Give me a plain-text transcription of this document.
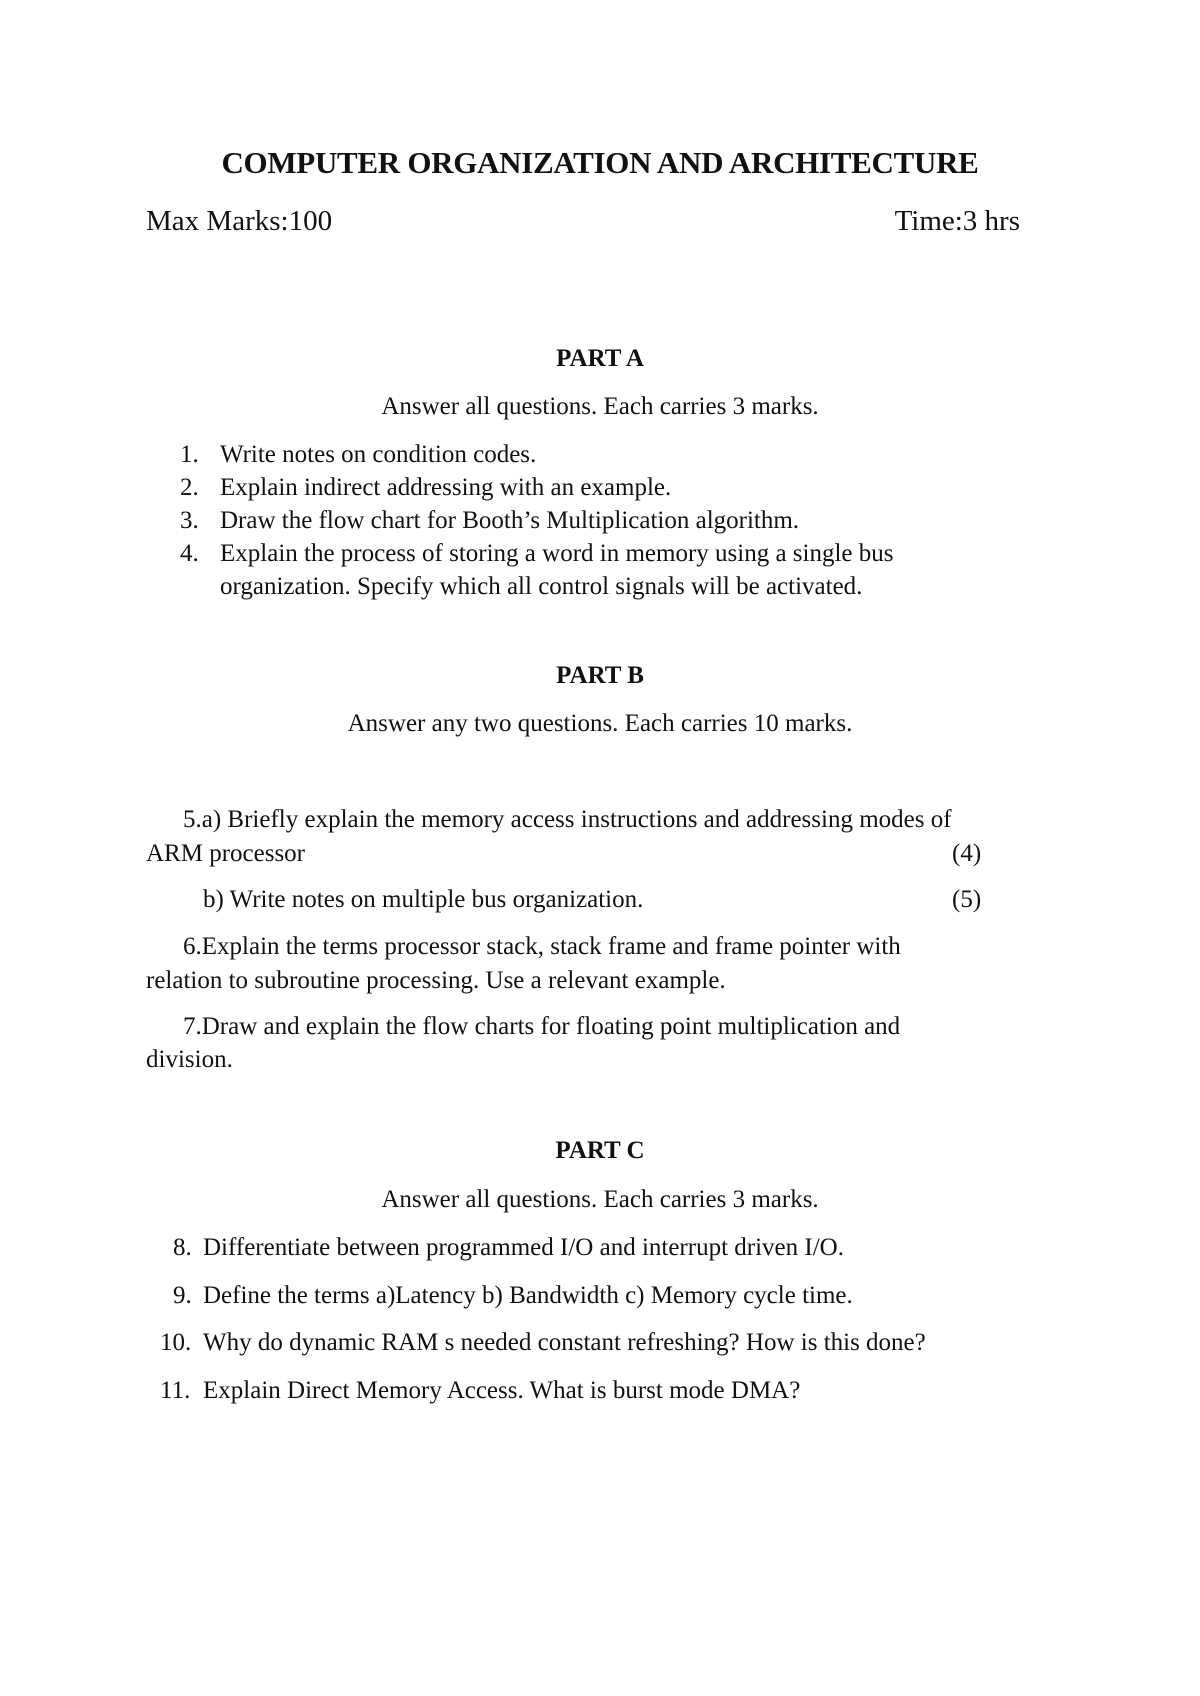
COMPUTER ORGANIZATION AND ARCHITECTURE
Max Marks:100	Time:3 hrs
PART A
Answer all questions. Each carries 3 marks.
1. Write notes on condition codes.
2. Explain indirect addressing with an example.
3. Draw the flow chart for Booth’s Multiplication algorithm.
4. Explain the process of storing a word in memory using a single bus
organization. Specify which all control signals will be activated.
PART B
Answer any two questions. Each carries 10 marks.
5.a) Briefly explain the memory access instructions and addressing modes of
ARM processor	(4)
b) Write notes on multiple bus organization.	(5)
6.Explain the terms processor stack, stack frame and frame pointer with
relation to subroutine processing. Use a relevant example.
7.Draw and explain the flow charts for floating point multiplication and
division.
PART C
Answer all questions. Each carries 3 marks.
8. Differentiate between programmed I/O and interrupt driven I/O.
9. Define the terms a)Latency b) Bandwidth c) Memory cycle time.
10. Why do dynamic RAM s needed constant refreshing? How is this done?
11. Explain Direct Memory Access. What is burst mode DMA?
